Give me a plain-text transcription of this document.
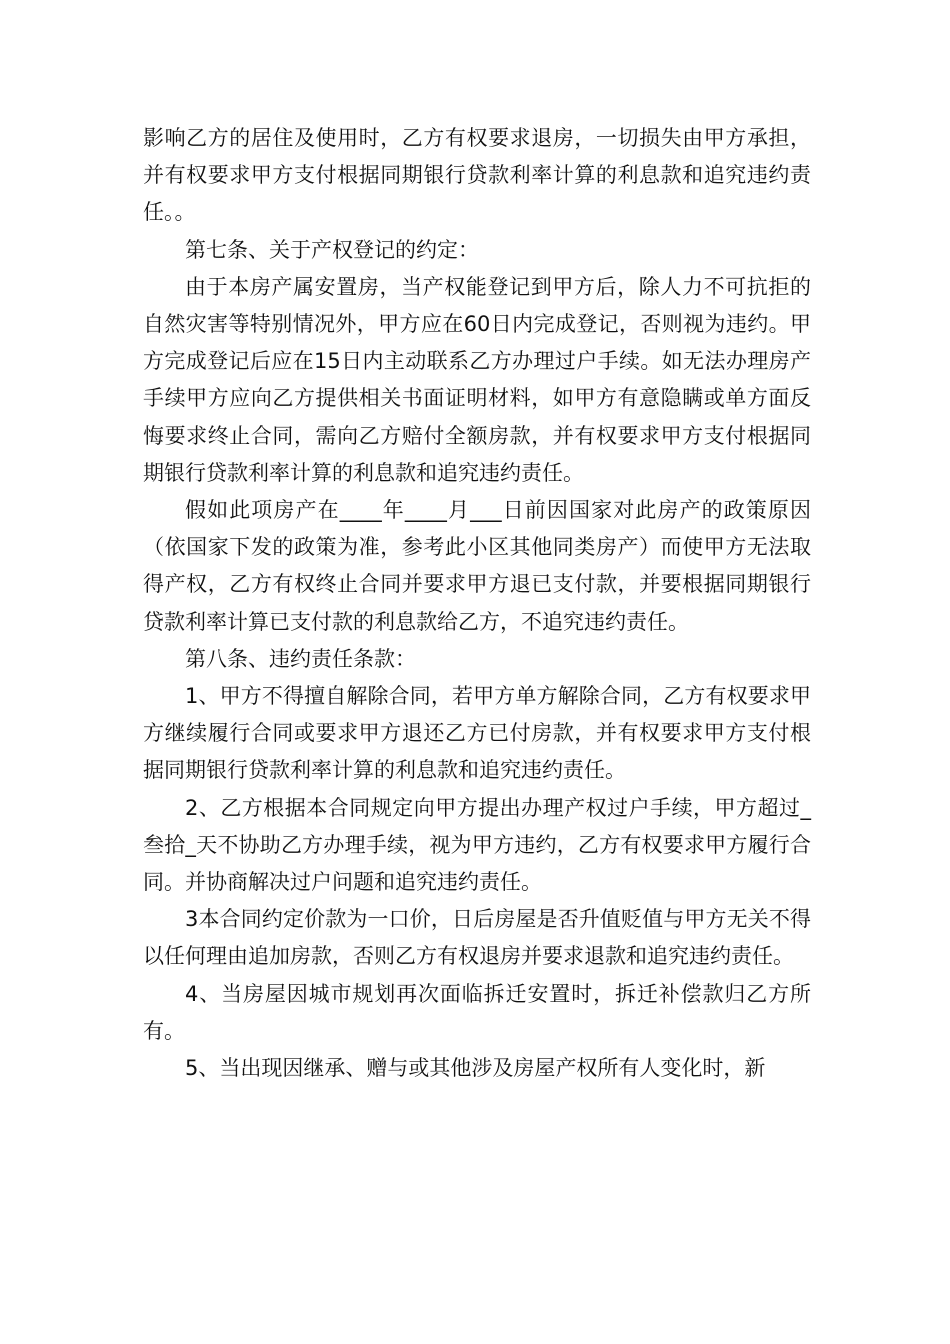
影响乙方的居住及使用时，乙方有权要求退房，一切损失由甲方承担，并有权要求甲方支付根据同期银行贷款利率计算的利息款和追究违约责任。。

第七条、关于产权登记的约定：

由于本房产属安置房，当产权能登记到甲方后，除人力不可抗拒的自然灾害等特别情况外，甲方应在60日内完成登记，否则视为违约。甲方完成登记后应在15日内主动联系乙方办理过户手续。如无法办理房产手续甲方应向乙方提供相关书面证明材料，如甲方有意隐瞒或单方面反悔要求终止合同，需向乙方赔付全额房款，并有权要求甲方支付根据同期银行贷款利率计算的利息款和追究违约责任。

假如此项房产在____年____月___日前因国家对此房产的政策原因（依国家下发的政策为准，参考此小区其他同类房产）而使甲方无法取得产权，乙方有权终止合同并要求甲方退已支付款，并要根据同期银行贷款利率计算已支付款的利息款给乙方，不追究违约责任。

第八条、违约责任条款：

1、甲方不得擅自解除合同，若甲方单方解除合同，乙方有权要求甲方继续履行合同或要求甲方退还乙方已付房款，并有权要求甲方支付根据同期银行贷款利率计算的利息款和追究违约责任。

2、乙方根据本合同规定向甲方提出办理产权过户手续，甲方超过_叁拾_天不协助乙方办理手续，视为甲方违约，乙方有权要求甲方履行合同。并协商解决过户问题和追究违约责任。

3本合同约定价款为一口价，日后房屋是否升值贬值与甲方无关不得以任何理由追加房款，否则乙方有权退房并要求退款和追究违约责任。

4、当房屋因城市规划再次面临拆迁安置时，拆迁补偿款归乙方所有。

5、当出现因继承、赠与或其他涉及房屋产权所有人变化时，新
